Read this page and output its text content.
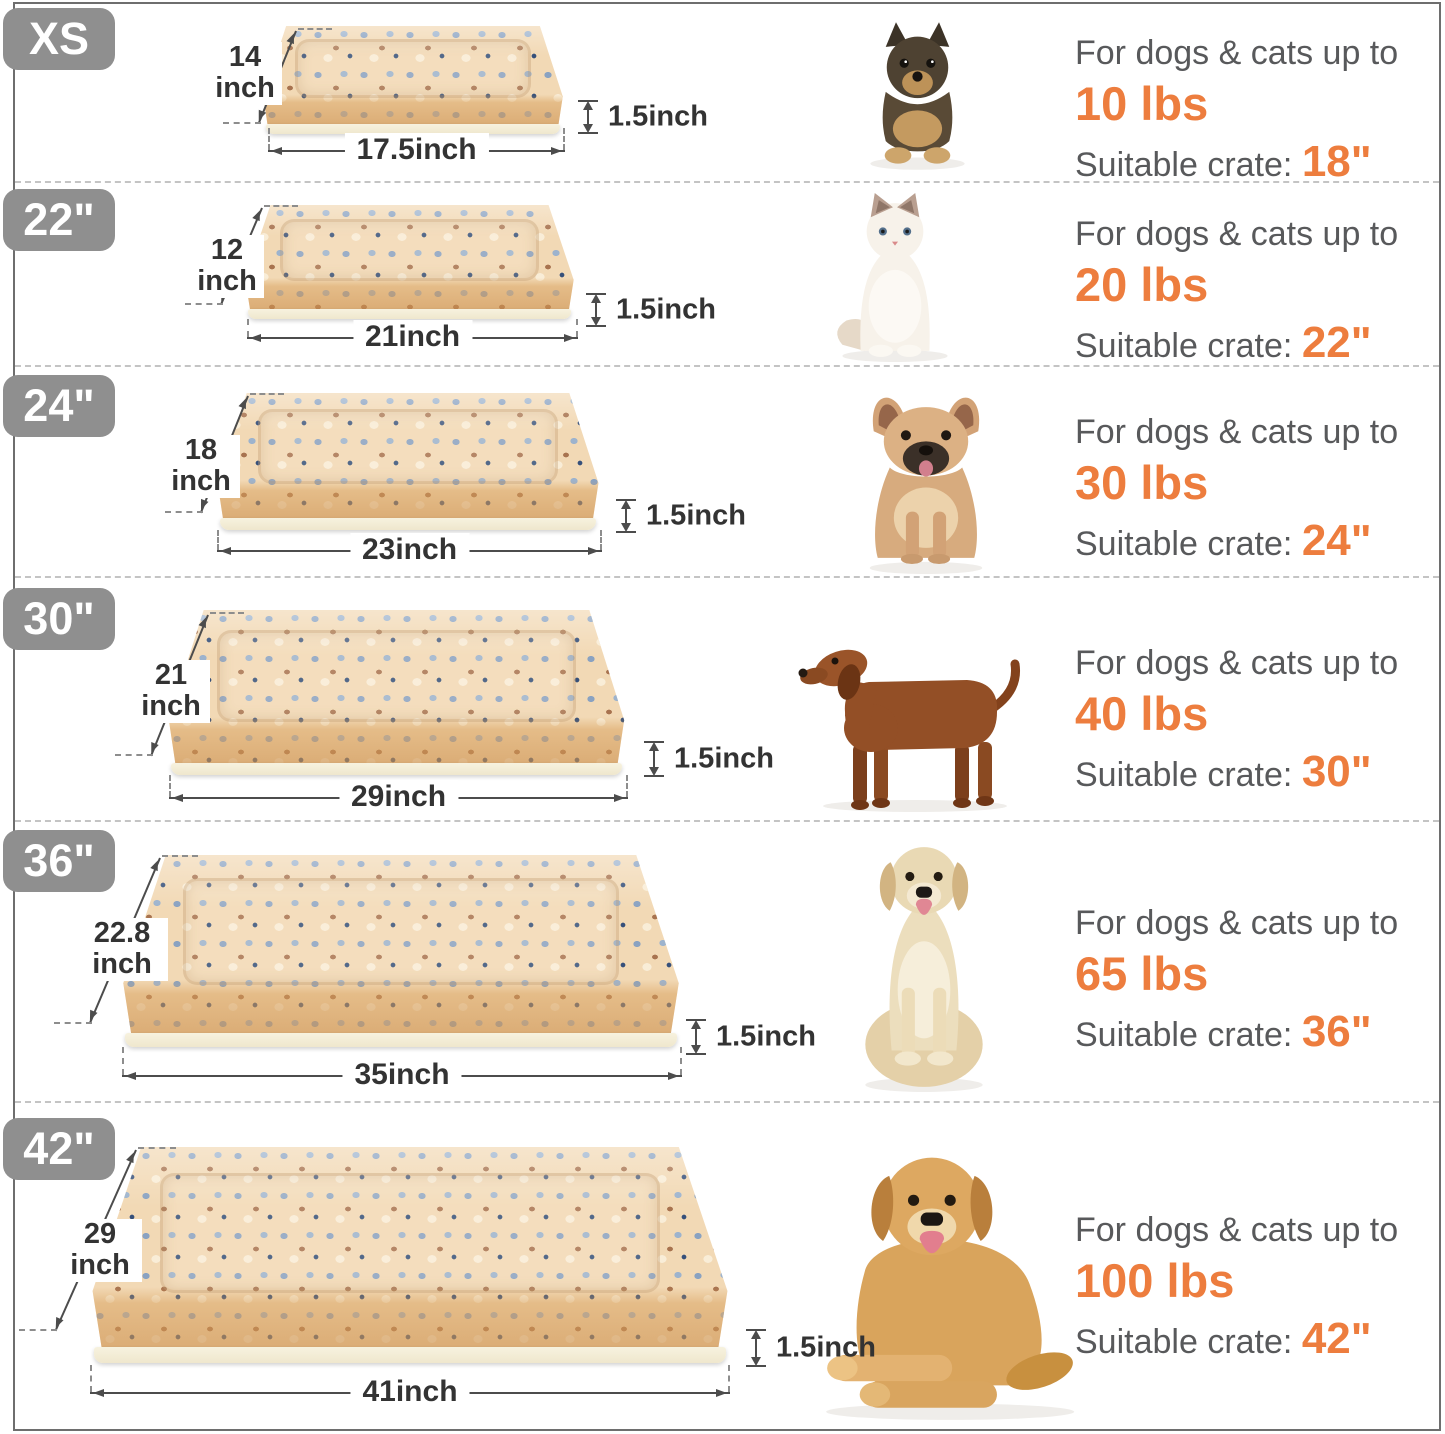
XS	14
inch
17.5inch
1.5inch
For dogs & cats up to
10 lbs
Suitable crate: 18"
22"
12
inch
21inch
1.5inch
For dogs & cats up to
20 lbs
Suitable crate: 22"
24"
18
inch
23inch
1.5inch
For dogs & cats up to
30 lbs
Suitable crate: 24"
30"
21
inch
29inch
1.5inch
For dogs & cats up to
40 lbs
Suitable crate: 30"
36"
22.8
inch
35inch
1.5inch
For dogs & cats up to
65 lbs
Suitable crate: 36"
42"
29
inch
41inch
1.5inch
For dogs & cats up to
100 lbs
Suitable crate: 42"
